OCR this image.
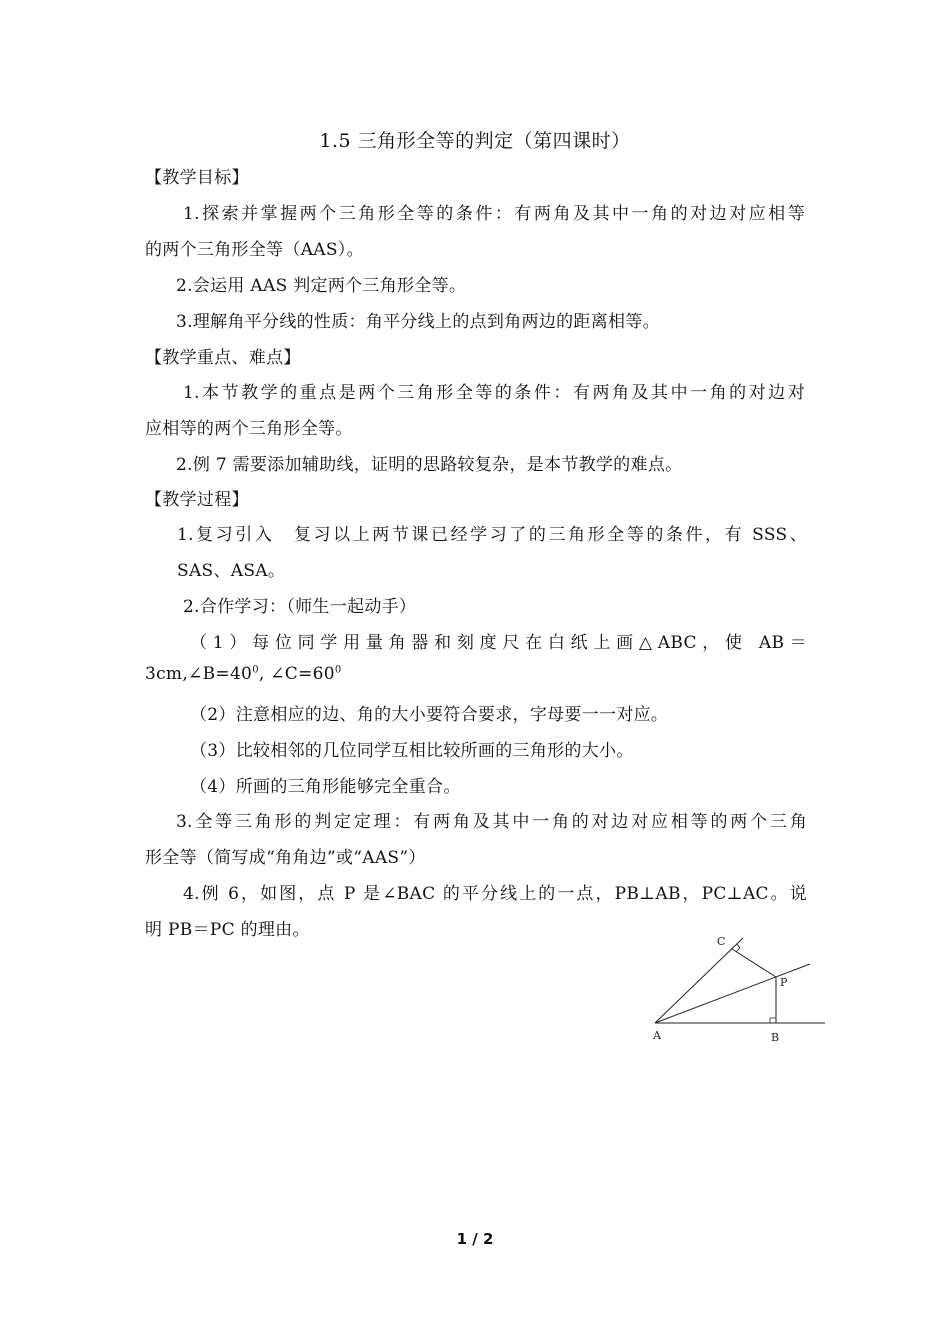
1.5 三角形全等的判定（第四课时）
【教学目标】
1.探索并掌握两个三角形全等的条件：有两角及其中一角的对边对应相等
的两个三角形全等（AAS）。
2.会运用 AAS 判定两个三角形全等。
3.理解角平分线的性质：角平分线上的点到角两边的距离相等。
【教学重点、难点】
1.本节教学的重点是两个三角形全等的条件：有两角及其中一角的对边对
应相等的两个三角形全等。
2.例 7 需要添加辅助线，证明的思路较复杂，是本节教学的难点。
【教学过程】
1.复习引入　复习以上两节课已经学习了的三角形全等的条件，有 SSS、
SAS、ASA。
2.合作学习：（师生一起动手）
（1）每位同学用量角器和刻度尺在白纸上画△ABC，使 AB＝
$3cm,\angle B=40^0$, $\angle C=60^0$
（2）注意相应的边、角的大小要符合要求，字母要一一对应。
（3）比较相邻的几位同学互相比较所画的三角形的大小。
（4）所画的三角形能够完全重合。
3.全等三角形的判定定理：有两角及其中一角的对边对应相等的两个三角
形全等（简写成“角角边”或“AAS”）
4.例 6，如图，点 P 是∠BAC 的平分线上的一点，PB⊥AB，PC⊥AC。说
明 PB＝PC 的理由。
A	B
C
P
1 / 2
